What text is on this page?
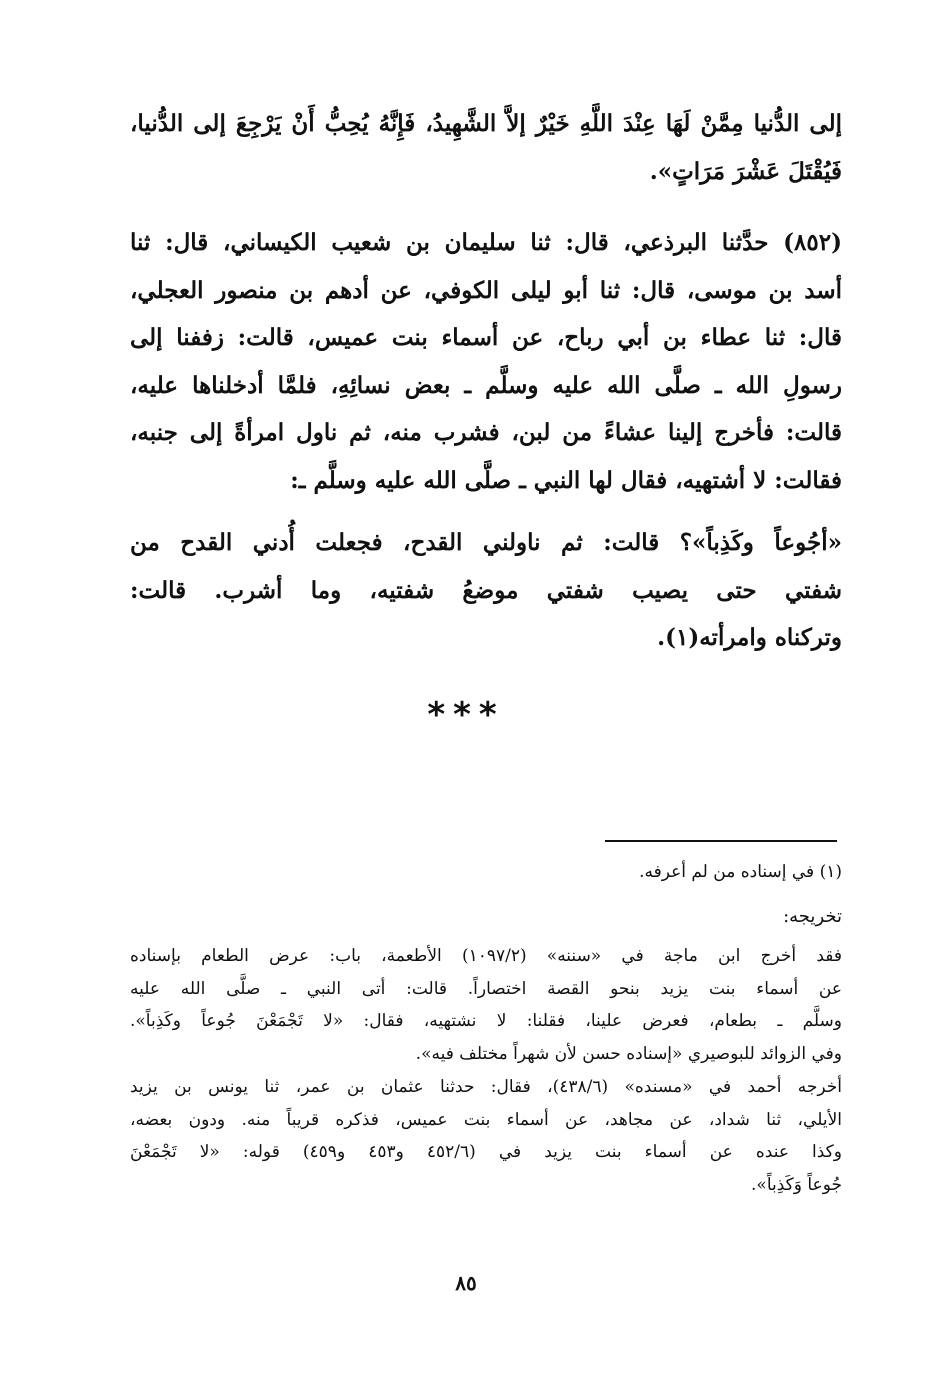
إلى الدُّنيا مِمَّنْ لَهَا عِنْدَ اللَّهِ خَيْرٌ إلاَّ الشَّهِيدُ، فَإِنَّهُ يُحِبُّ أَنْ يَرْجِعَ إلى الدُّنيا،
فَيُقْتَلَ عَشْرَ مَرَاتٍ».
(٨٥٢) حدَّثنا البرذعي، قال: ثنا سليمان بن شعيب الكيساني، قال: ثنا
أسد بن موسى، قال: ثنا أبو ليلى الكوفي، عن أدهم بن منصور العجلي،
قال: ثنا عطاء بن أبي رباح، عن أسماء بنت عميس، قالت: زففنا إلى
رسولِ الله ـ صلَّى الله عليه وسلَّم ـ بعض نسائِهِ، فلمَّا أدخلناها عليه،
قالت: فأخرج إلينا عشاءً من لبن، فشرب منه، ثم ناول امرأةً إلى جنبه،
فقالت: لا أشتهيه، فقال لها النبي ـ صلَّى الله عليه وسلَّم ـ:
«أجُوعاً وكَذِباً»؟ قالت: ثم ناولني القدح، فجعلت أُدني القدح من
شفتي حتى يصيب شفتي موضعُ شفتيه، وما أشرب. قالت:
وتركناه وامرأته(١).
***
(١) في إسناده من لم أعرفه.
تخريجه:
فقد أخرج ابن ماجة في «سننه» (١٠٩٧/٢) الأطعمة، باب: عرض الطعام بإسناده
عن أسماء بنت يزيد بنحو القصة اختصاراً. قالت: أتى النبي ـ صلَّى الله عليه
وسلَّم ـ بطعام، فعرض علينا، فقلنا: لا نشتهيه، فقال: «لا تَجْمَعْنَ جُوعاً وكَذِباً».
وفي الزوائد للبوصيري «إسناده حسن لأن شهراً مختلف فيه».
أخرجه أحمد في «مسنده» (٤٣٨/٦)، فقال: حدثنا عثمان بن عمر، ثنا يونس بن يزيد
الأيلي، ثنا شداد، عن مجاهد، عن أسماء بنت عميس، فذكره قريباً منه. ودون بعضه،
وكذا عنده عن أسماء بنت يزيد في (٤٥٢/٦ و٤٥٣ و٤٥٩) قوله: «لا تَجْمَعْنَ
جُوعاً وَكَذِباً».
٨٥
